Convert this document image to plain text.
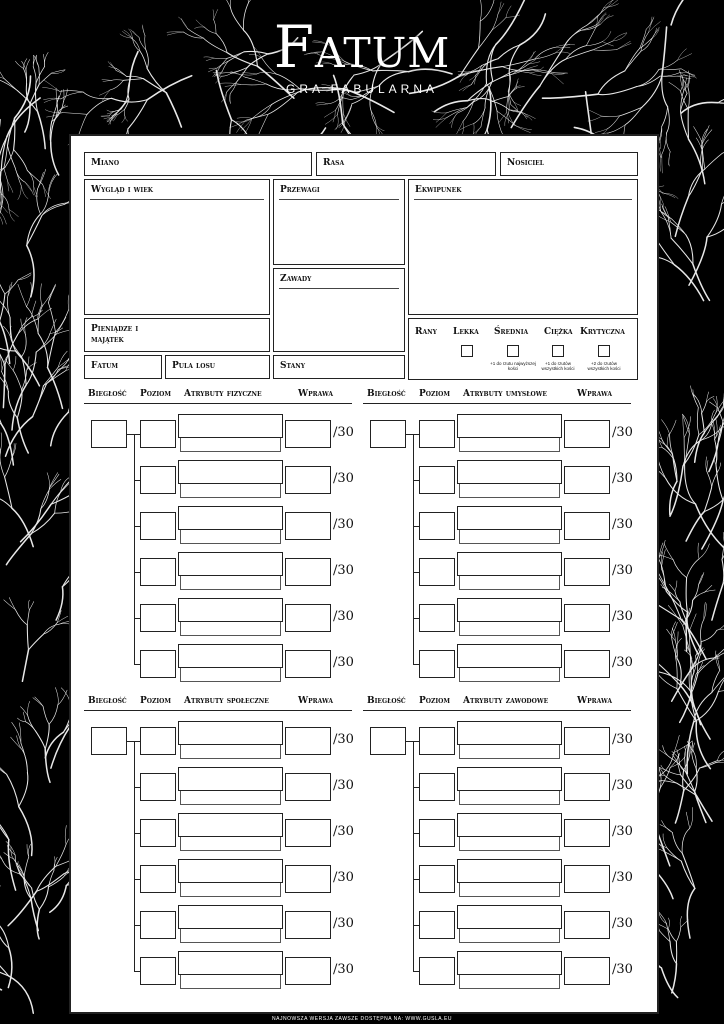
Fatum
GRA FABULARNA
Miano	Rasa	Nosiciel
Wygląd i wiek	Przewagi	Ekwipunek
Zawady
Pieniądze i majątek
Rany Lekka Średnia Ciężka Krytyczna
+1 do rzutu najwyższej kości
+1 do rzutów wszystkich kości
+2 do rzutów wszystkich kości
Fatum	Pula losu	Stany
Biegłość Poziom Atrybuty fizyczne	Wprawa
/30
/30
/30
/30
/30
/30
Biegłość Poziom Atrybuty umysłowe	Wprawa
/30
/30
/30
/30
/30
/30
Biegłość Poziom Atrybuty społeczne	Wprawa
/30
/30
/30
/30
/30
/30
Biegłość Poziom Atrybuty zawodowe	Wprawa
/30
/30
/30
/30
/30
/30
NAJNOWSZA WERSJA ZAWSZE DOSTĘPNA NA: WWW.GUSLA.EU
